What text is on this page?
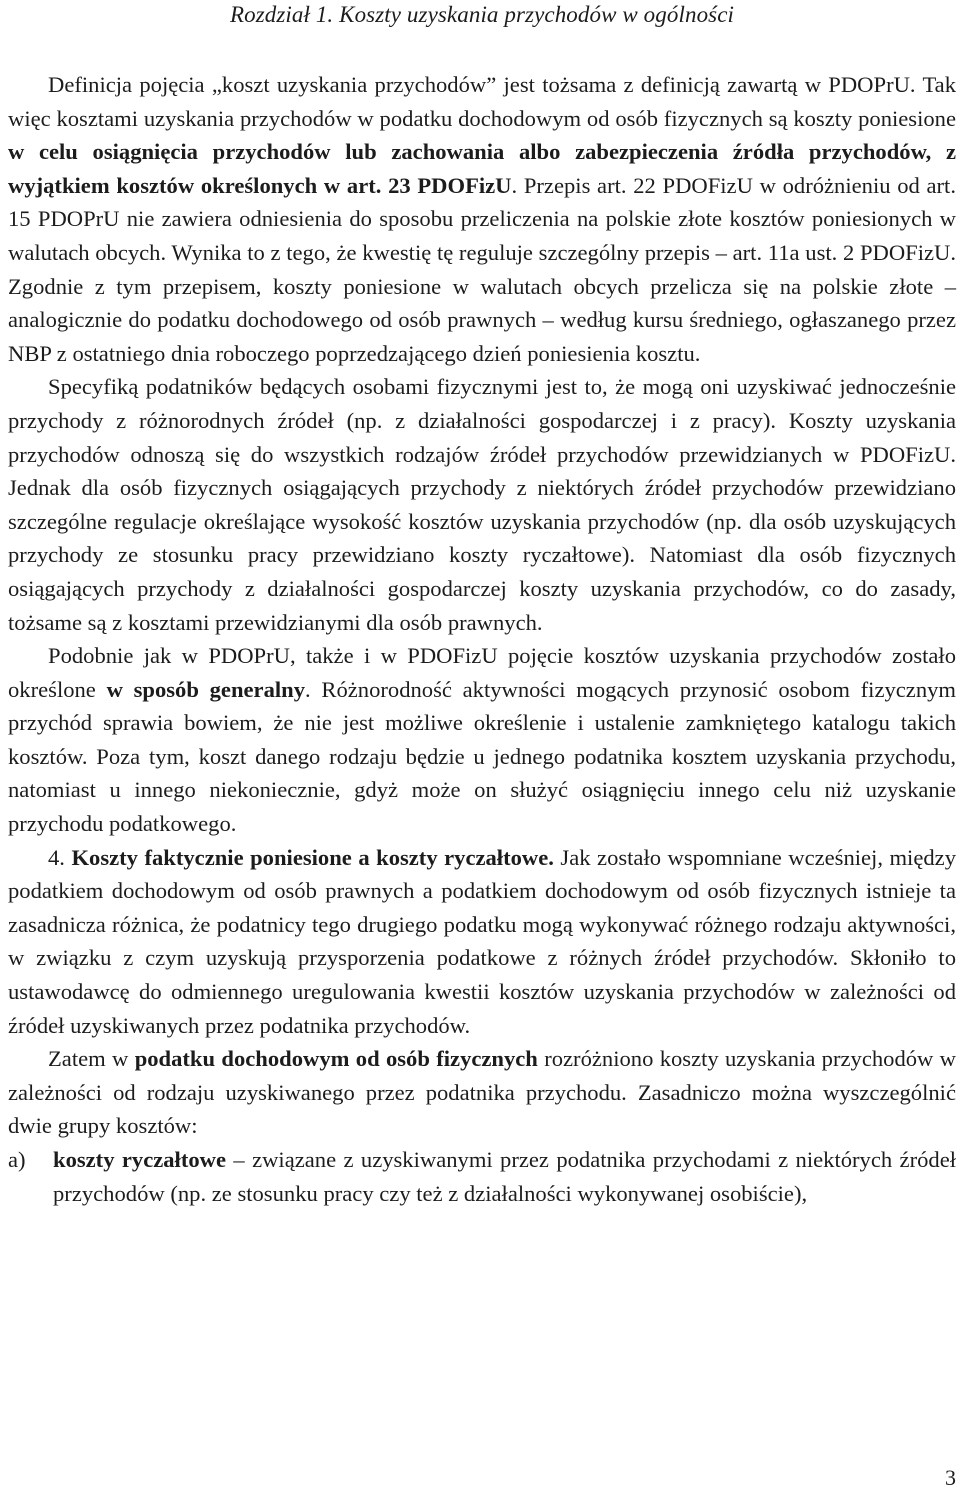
Rozdział 1. Koszty uzyskania przychodów w ogólności

Definicja pojęcia „koszt uzyskania przychodów” jest tożsama z definicją zawartą w PDOPrU. Tak więc kosztami uzyskania przychodów w podatku dochodowym od osób fizycznych są koszty poniesione w celu osiągnięcia przychodów lub zachowania albo zabezpieczenia źródła przychodów, z wyjątkiem kosztów określonych w art. 23 PDOFizU. Przepis art. 22 PDOFizU w odróżnieniu od art. 15 PDOPrU nie zawiera odniesienia do sposobu przeliczenia na polskie złote kosztów poniesionych w walutach obcych. Wynika to z tego, że kwestię tę reguluje szczególny przepis – art. 11a ust. 2 PDOFizU. Zgodnie z tym przepisem, koszty poniesione w walutach obcych przelicza się na polskie złote – analogicznie do podatku dochodowego od osób prawnych – według kursu średniego, ogłaszanego przez NBP z ostatniego dnia roboczego poprzedzającego dzień poniesienia kosztu.

Specyfiką podatników będących osobami fizycznymi jest to, że mogą oni uzyskiwać jednocześnie przychody z różnorodnych źródeł (np. z działalności gospodarczej i z pracy). Koszty uzyskania przychodów odnoszą się do wszystkich rodzajów źródeł przychodów przewidzianych w PDOFizU. Jednak dla osób fizycznych osiągających przychody z niektórych źródeł przychodów przewidziano szczególne regulacje określające wysokość kosztów uzyskania przychodów (np. dla osób uzyskujących przychody ze stosunku pracy przewidziano koszty ryczałtowe). Natomiast dla osób fizycznych osiągających przychody z działalności gospodarczej koszty uzyskania przychodów, co do zasady, tożsame są z kosztami przewidzianymi dla osób prawnych.

Podobnie jak w PDOPrU, także i w PDOFizU pojęcie kosztów uzyskania przychodów zostało określone w sposób generalny. Różnorodność aktywności mogących przynosić osobom fizycznym przychód sprawia bowiem, że nie jest możliwe określenie i ustalenie zamkniętego katalogu takich kosztów. Poza tym, koszt danego rodzaju będzie u jednego podatnika kosztem uzyskania przychodu, natomiast u innego niekoniecznie, gdyż może on służyć osiągnięciu innego celu niż uzyskanie przychodu podatkowego.

4. Koszty faktycznie poniesione a koszty ryczałtowe. Jak zostało wspomniane wcześniej, między podatkiem dochodowym od osób prawnych a podatkiem dochodowym od osób fizycznych istnieje ta zasadnicza różnica, że podatnicy tego drugiego podatku mogą wykonywać różnego rodzaju aktywności, w związku z czym uzyskują przysporzenia podatkowe z różnych źródeł przychodów. Skłoniło to ustawodawcę do odmiennego uregulowania kwestii kosztów uzyskania przychodów w zależności od źródeł uzyskiwanych przez podatnika przychodów.

Zatem w podatku dochodowym od osób fizycznych rozróżniono koszty uzyskania przychodów w zależności od rodzaju uzyskiwanego przez podatnika przychodu. Zasadniczo można wyszczególnić dwie grupy kosztów:

a)	koszty ryczałtowe – związane z uzyskiwanymi przez podatnika przychodami z niektórych źródeł przychodów (np. ze stosunku pracy czy też z działalności wykonywanej osobiście),
3
